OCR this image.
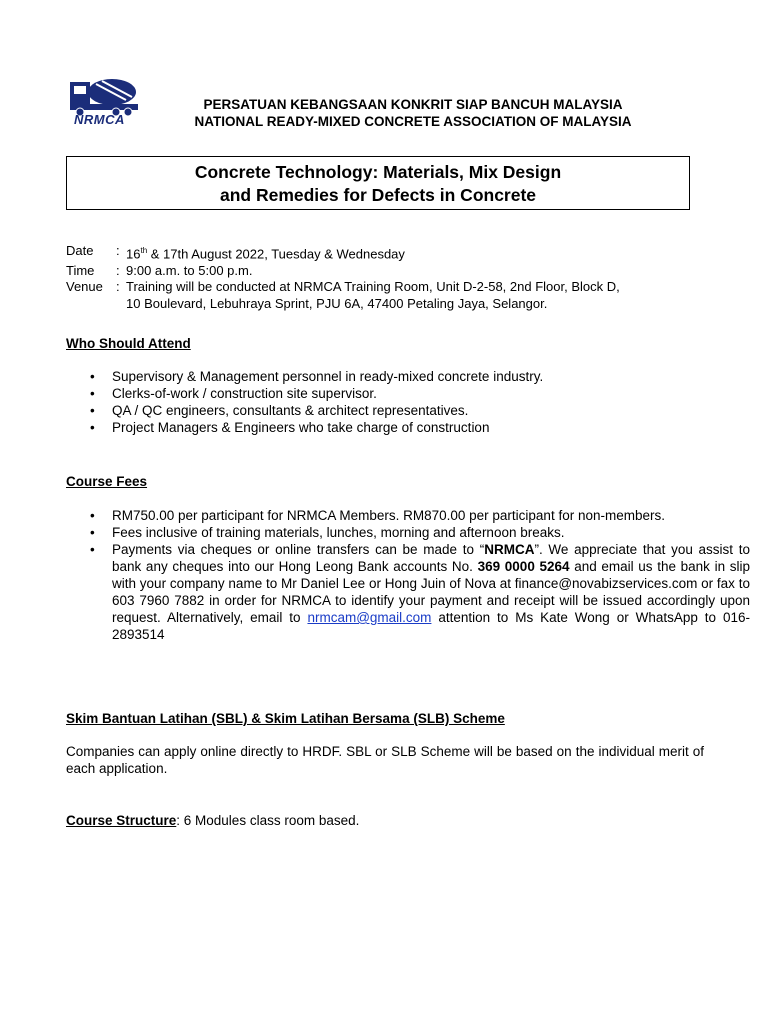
NRMCA
PERSATUAN KEBANGSAAN KONKRIT SIAP BANCUH MALAYSIA
NATIONAL READY-MIXED CONCRETE ASSOCIATION OF MALAYSIA
Concrete Technology: Materials, Mix Design
and Remedies for Defects in Concrete
Date	: 16th & 17th August 2022, Tuesday & Wednesday
Time	: 9:00 a.m. to 5:00 p.m.
Venue	: Training will be conducted at NRMCA Training Room, Unit D-2-58, 2nd Floor, Block D,
10 Boulevard, Lebuhraya Sprint, PJU 6A, 47400 Petaling Jaya, Selangor.
Who Should Attend
• Supervisory & Management personnel in ready-mixed concrete industry.
• Clerks-of-work / construction site supervisor.
• QA / QC engineers, consultants & architect representatives.
• Project Managers & Engineers who take charge of construction
Course Fees
• RM750.00 per participant for NRMCA Members. RM870.00 per participant for non-members.
• Fees inclusive of training materials, lunches, morning and afternoon breaks.
• Payments via cheques or online transfers can be made to “NRMCA”. We appreciate that you assist to bank any cheques into our Hong Leong Bank accounts No. 369 0000 5264 and email us the bank in slip with your company name to Mr Daniel Lee or Hong Juin of Nova at finance@novabizservices.com or fax to 603 7960 7882 in order for NRMCA to identify your payment and receipt will be issued accordingly upon request. Alternatively, email to nrmcam@gmail.com attention to Ms Kate Wong or WhatsApp to 016-2893514
Skim Bantuan Latihan (SBL) & Skim Latihan Bersama (SLB) Scheme
Companies can apply online directly to HRDF. SBL or SLB Scheme will be based on the individual merit of each application.
Course Structure: 6 Modules class room based.
